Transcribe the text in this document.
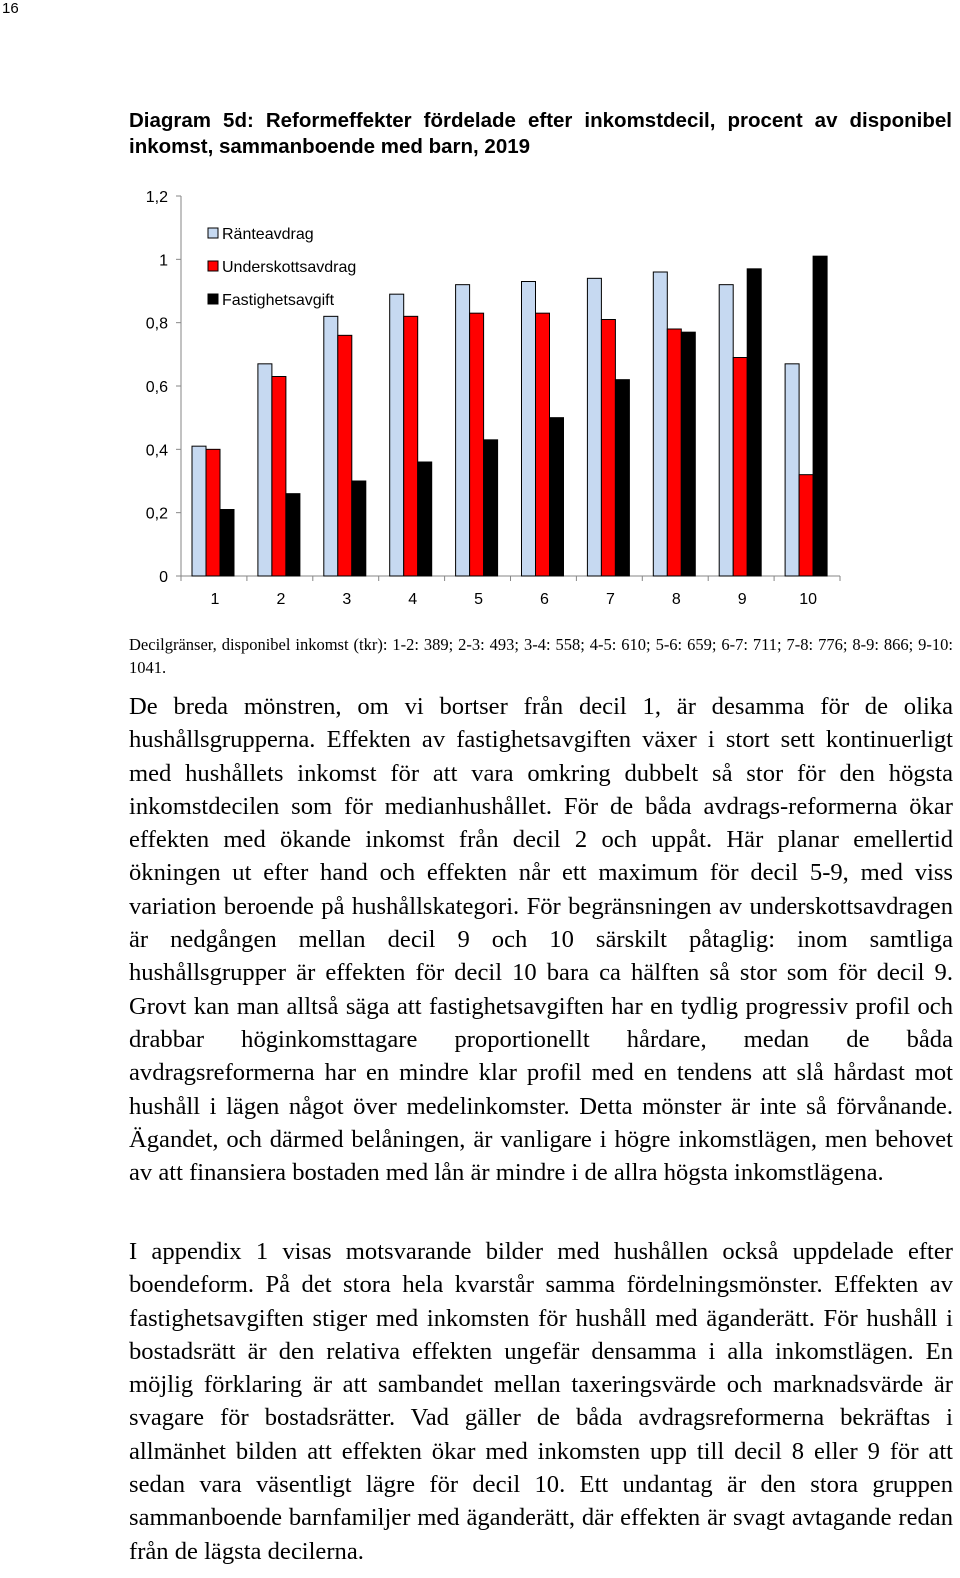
16
Diagram 5d: Reformeffekter fördelade efter inkomstdecil, procent av disponibel inkomst, sammanboende med barn, 2019
0
0,2
0,4
0,6
0,8
1
1,2
1	2	3	4	5	6	7	8	9	10
Ränteavdrag
Underskottsavdrag
Fastighetsavgift
Decilgränser, disponibel inkomst (tkr): 1-2: 389; 2-3: 493; 3-4: 558; 4-5: 610; 5-6: 659; 6-7: 711; 7-8: 776; 8-9: 866; 9-10: 1041.

De breda mönstren, om vi bortser från decil 1, är desamma för de olika hushållsgrupperna. Effekten av fastighetsavgiften växer i stort sett kontinuerligt med hushållets inkomst för att vara omkring dubbelt så stor för den högsta inkomstdecilen som för medianhushållet. För de båda avdrags-reformerna ökar effekten med ökande inkomst från decil 2 och uppåt. Här planar emellertid ökningen ut efter hand och effekten når ett maximum för decil 5-9, med viss variation beroende på hushållskategori. För begränsningen av underskottsavdragen är nedgången mellan decil 9 och 10 särskilt påtaglig: inom samtliga hushållsgrupper är effekten för decil 10 bara ca hälften så stor som för decil 9. Grovt kan man alltså säga att fastighetsavgiften har en tydlig progressiv profil och drabbar höginkomsttagare proportionellt hårdare, medan de båda avdragsreformerna har en mindre klar profil med en tendens att slå hårdast mot hushåll i lägen något över medelinkomster. Detta mönster är inte så förvånande. Ägandet, och därmed belåningen, är vanligare i högre inkomstlägen, men behovet av att finansiera bostaden med lån är mindre i de allra högsta inkomstlägena.

I appendix 1 visas motsvarande bilder med hushållen också uppdelade efter boendeform. På det stora hela kvarstår samma fördelningsmönster. Effekten av fastighetsavgiften stiger med inkomsten för hushåll med äganderätt. För hushåll i bostadsrätt är den relativa effekten ungefär densamma i alla inkomstlägen. En möjlig förklaring är att sambandet mellan taxeringsvärde och marknadsvärde är svagare för bostadsrätter. Vad gäller de båda avdragsreformerna bekräftas i allmänhet bilden att effekten ökar med inkomsten upp till decil 8 eller 9 för att sedan vara väsentligt lägre för decil 10. Ett undantag är den stora gruppen sammanboende barnfamiljer med äganderätt, där effekten är svagt avtagande redan från de lägsta decilerna.
